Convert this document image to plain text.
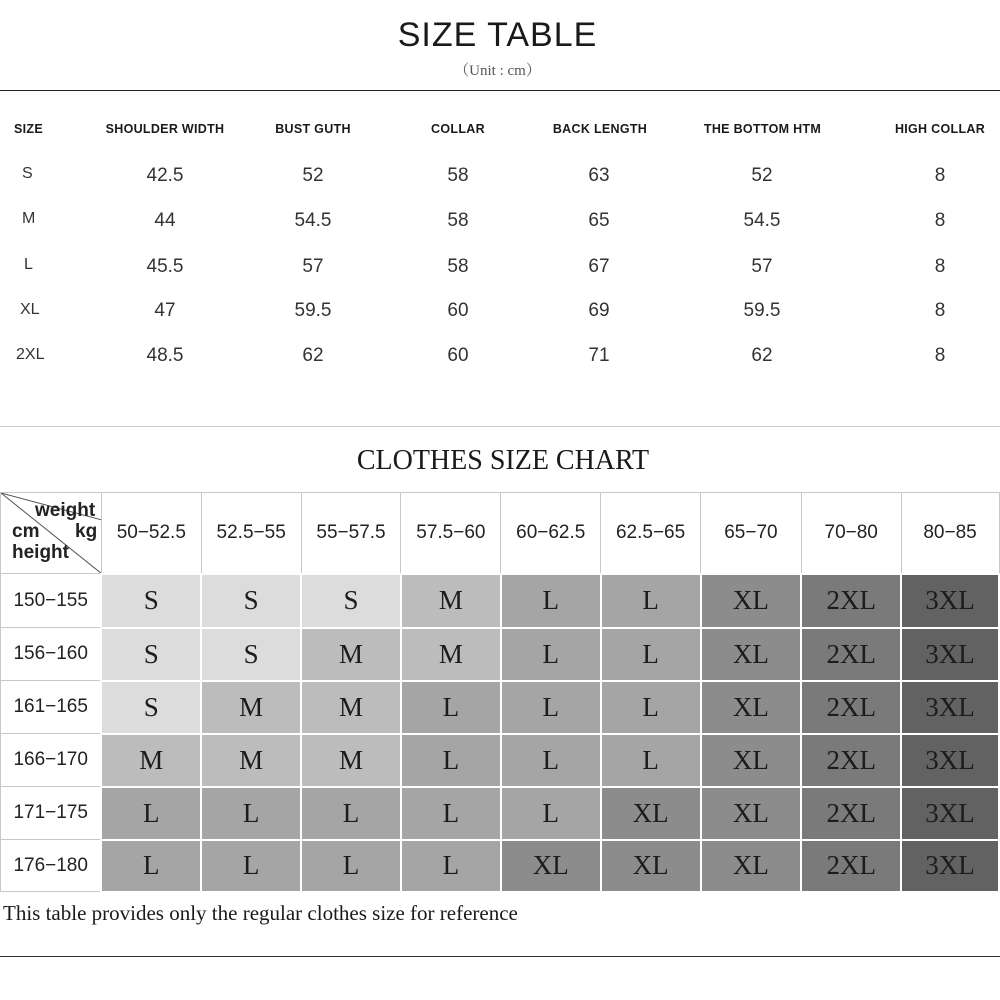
SIZE TABLE
（Unit : cm）
SIZE	SHOULDER WIDTH	BUST GUTH	COLLAR	BACK LENGTH	THE BOTTOM HTM	HIGH COLLAR
S	42.5	52	58	63	52	8
M	44	54.5	58	65	54.5	8
L	45.5	57	58	67	57	8
XL	47	59.5	60	69	59.5	8
2XL	48.5	62	60	71	62	8
CLOTHES SIZE CHART
weight
cm kg
height	50−52.5	52.5−55	55−57.5	57.5−60	60−62.5	62.5−65	65−70	70−80	80−85
150−155	S	S	S	M	L	L	XL	2XL	3XL
156−160	S	S	M	M	L	L	XL	2XL	3XL
161−165	S	M	M	L	L	L	XL	2XL	3XL
166−170	M	M	M	L	L	L	XL	2XL	3XL
171−175	L	L	L	L	L	XL	XL	2XL	3XL
176−180	L	L	L	L	XL	XL	XL	2XL	3XL
This table provides only the regular clothes size for reference
